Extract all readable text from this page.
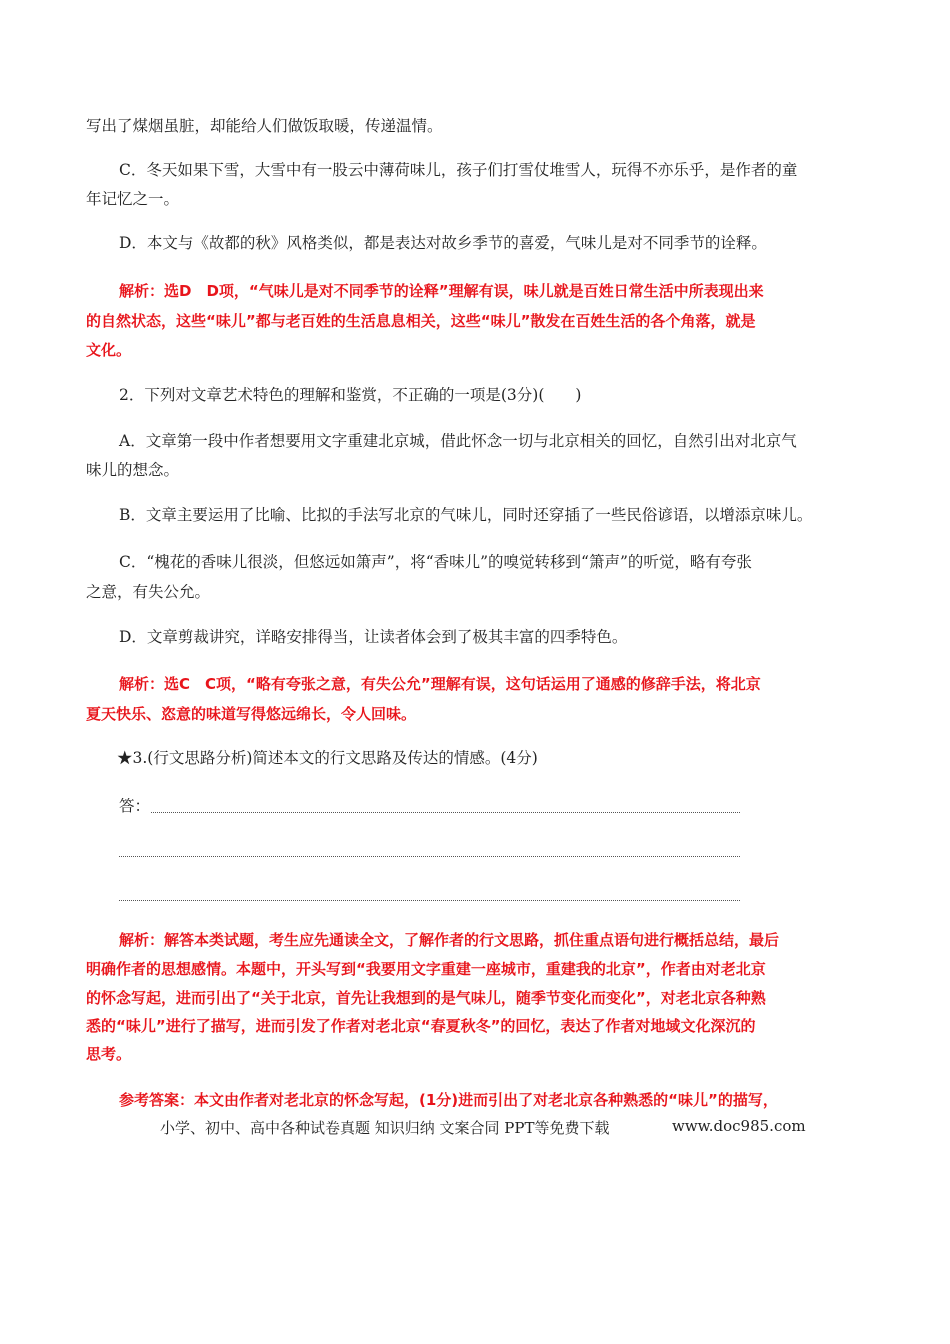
写出了煤烟虽脏，却能给人们做饭取暖，传递温情。
C．冬天如果下雪，大雪中有一股云中薄荷味儿，孩子们打雪仗堆雪人，玩得不亦乐乎，是作者的童
年记忆之一。
D．本文与《故都的秋》风格类似，都是表达对故乡季节的喜爱，气味儿是对不同季节的诠释。
解析：选D　D项，“气味儿是对不同季节的诠释”理解有误，味儿就是百姓日常生活中所表现出来
的自然状态，这些“味儿”都与老百姓的生活息息相关，这些“味儿”散发在百姓生活的各个角落，就是
文化。
2．下列对文章艺术特色的理解和鉴赏，不正确的一项是(3分)(　　)
A．文章第一段中作者想要用文字重建北京城，借此怀念一切与北京相关的回忆，自然引出对北京气
味儿的想念。
B．文章主要运用了比喻、比拟的手法写北京的气味儿，同时还穿插了一些民俗谚语，以增添京味儿。
C．“槐花的香味儿很淡，但悠远如箫声”，将“香味儿”的嗅觉转移到“箫声”的听觉，略有夸张
之意，有失公允。
D．文章剪裁讲究，详略安排得当，让读者体会到了极其丰富的四季特色。
解析：选C　C项，“略有夸张之意，有失公允”理解有误，这句话运用了通感的修辞手法，将北京
夏天快乐、恣意的味道写得悠远绵长，令人回味。
★3.(行文思路分析)简述本文的行文思路及传达的情感。(4分)
答：
解析：解答本类试题，考生应先通读全文，了解作者的行文思路，抓住重点语句进行概括总结，最后
明确作者的思想感情。本题中，开头写到“我要用文字重建一座城市，重建我的北京”，作者由对老北京
的怀念写起，进而引出了“关于北京，首先让我想到的是气味儿，随季节变化而变化”，对老北京各种熟
悉的“味儿”进行了描写，进而引发了作者对老北京“春夏秋冬”的回忆，表达了作者对地域文化深沉的
思考。
参考答案：本文由作者对老北京的怀念写起，(1分)进而引出了对老北京各种熟悉的“味儿”的描写，
小学、初中、高中各种试卷真题 知识归纳 文案合同 PPT等免费下载	www.doc985.com
